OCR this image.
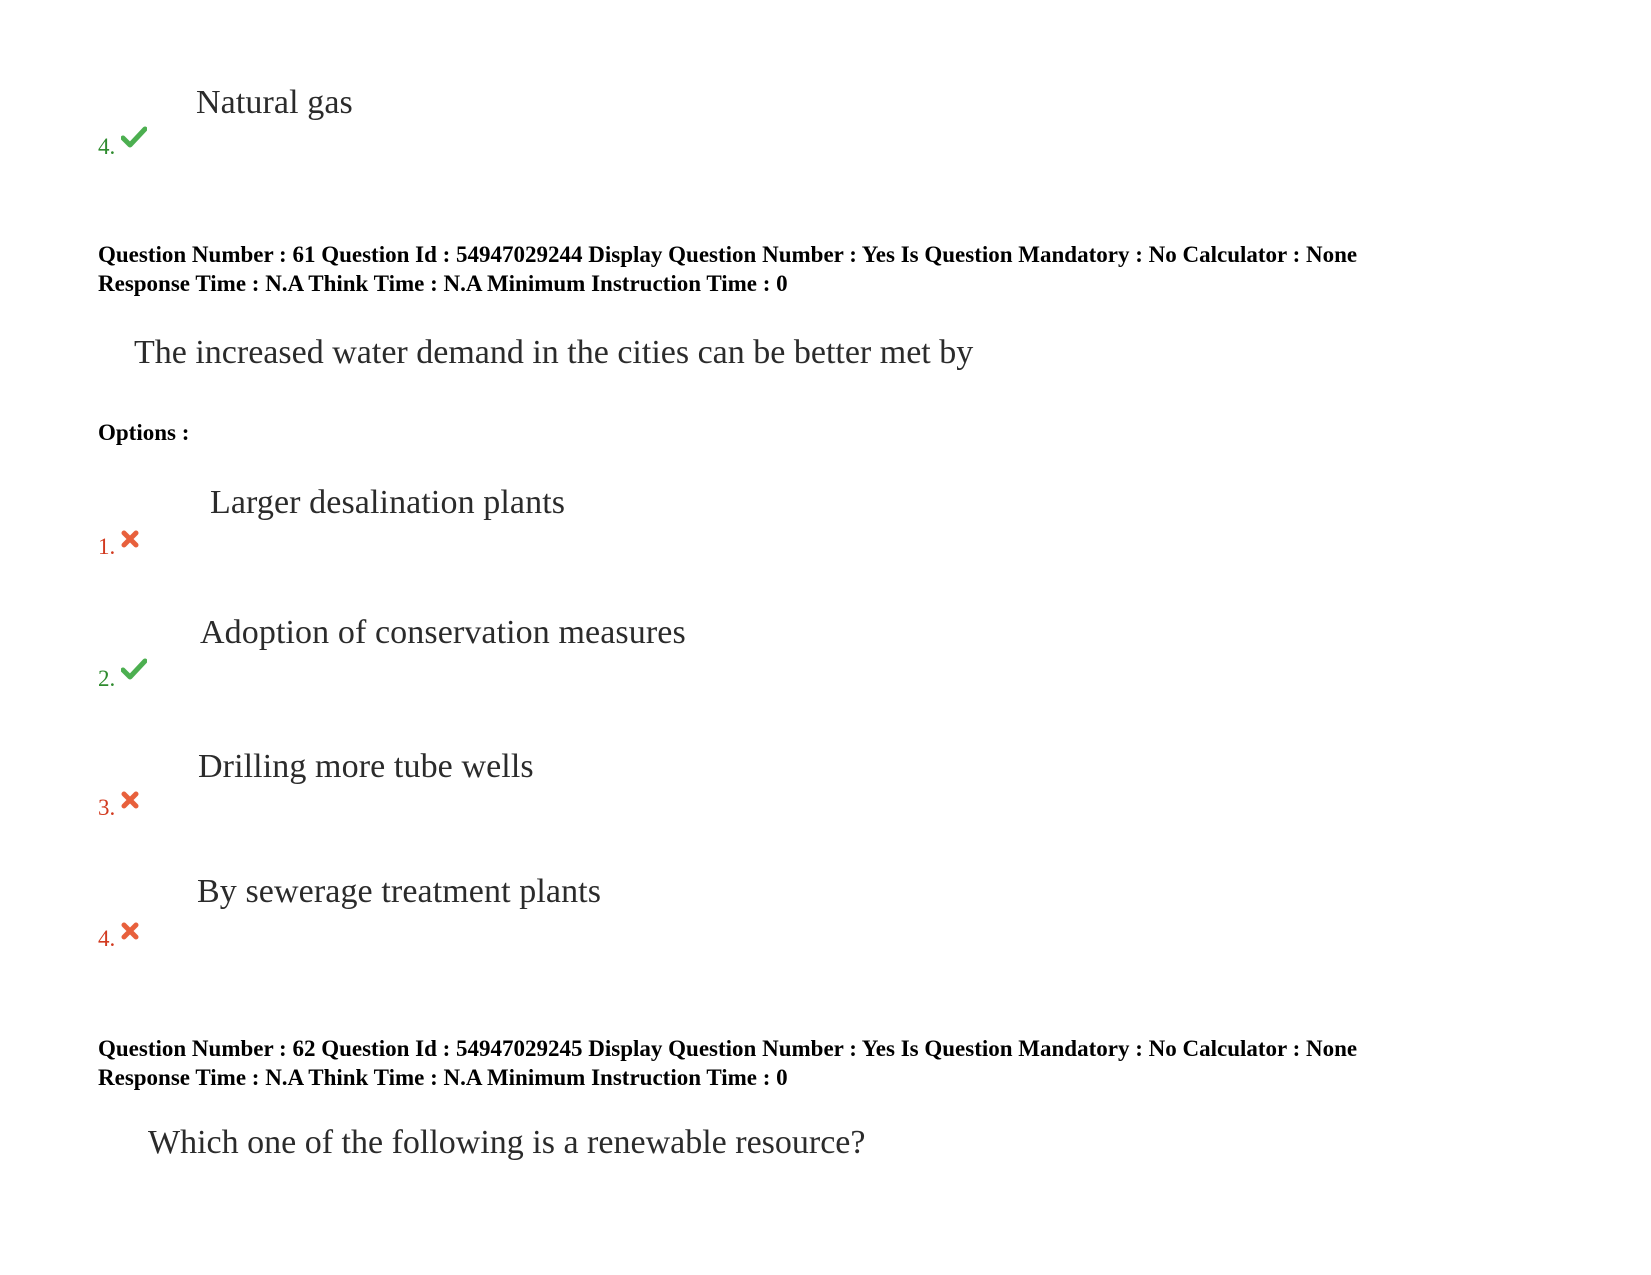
Natural gas
4.
Question Number : 61 Question Id : 54947029244 Display Question Number : Yes Is Question Mandatory : No Calculator : None
Response Time : N.A Think Time : N.A Minimum Instruction Time : 0
The increased water demand in the cities can be better met by
Options :
Larger desalination plants
1.
Adoption of conservation measures
2.
Drilling more tube wells
3.
By sewerage treatment plants
4.
Question Number : 62 Question Id : 54947029245 Display Question Number : Yes Is Question Mandatory : No Calculator : None
Response Time : N.A Think Time : N.A Minimum Instruction Time : 0
Which one of the following is a renewable resource?
